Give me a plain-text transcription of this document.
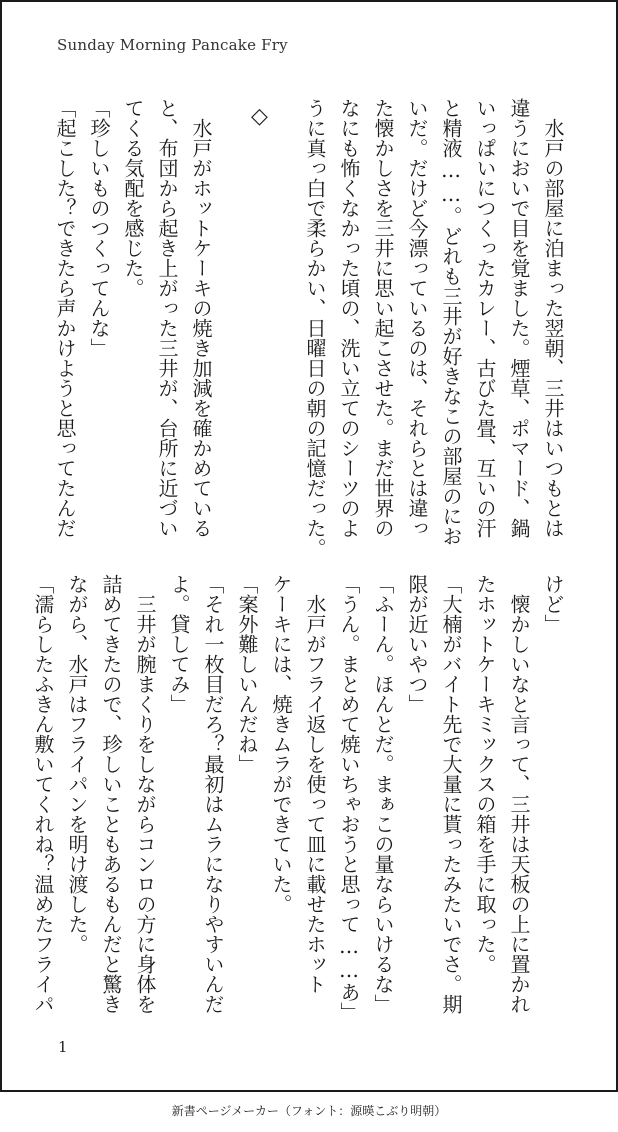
Sunday Morning Pancake Fry
　水戸の部屋に泊まった翌朝、三井はいつもとは
違うにおいで目を覚ました。煙草、ポマード、鍋
いっぱいにつくったカレー、古びた畳、互いの汗
と精液……。どれも三井が好きなこの部屋のにお
いだ。だけど今漂っているのは、それらとは違っ
た懐かしさを三井に思い起こさせた。まだ世界の
なにも怖くなかった頃の、洗い立てのシーツのよ
うに真っ白で柔らかい、日曜日の朝の記憶だった。
◇
　水戸がホットケーキの焼き加減を確かめている
と、布団から起き上がった三井が、台所に近づい
てくる気配を感じた。
「珍しいものつくってんな」
「起こした？できたら声かけようと思ってたんだ
けど」
　懐かしいなと言って、三井は天板の上に置かれ
たホットケーキミックスの箱を手に取った。
「大楠がバイト先で大量に貰ったみたいでさ。期
限が近いやつ」
「ふーん。ほんとだ。まぁこの量ならいけるな」
「うん。まとめて焼いちゃおうと思って……あ」
　水戸がフライ返しを使って皿に載せたホット
ケーキには、焼きムラができていた。
「案外難しいんだね」
「それ一枚目だろ？最初はムラになりやすいんだ
よ。貸してみ」
　三井が腕まくりをしながらコンロの方に身体を
詰めてきたので、珍しいこともあるもんだと驚き
ながら、水戸はフライパンを明け渡した。
「濡らしたふきん敷いてくれね？温めたフライパ
1
新書ページメーカー（フォント：源暎こぶり明朝）
